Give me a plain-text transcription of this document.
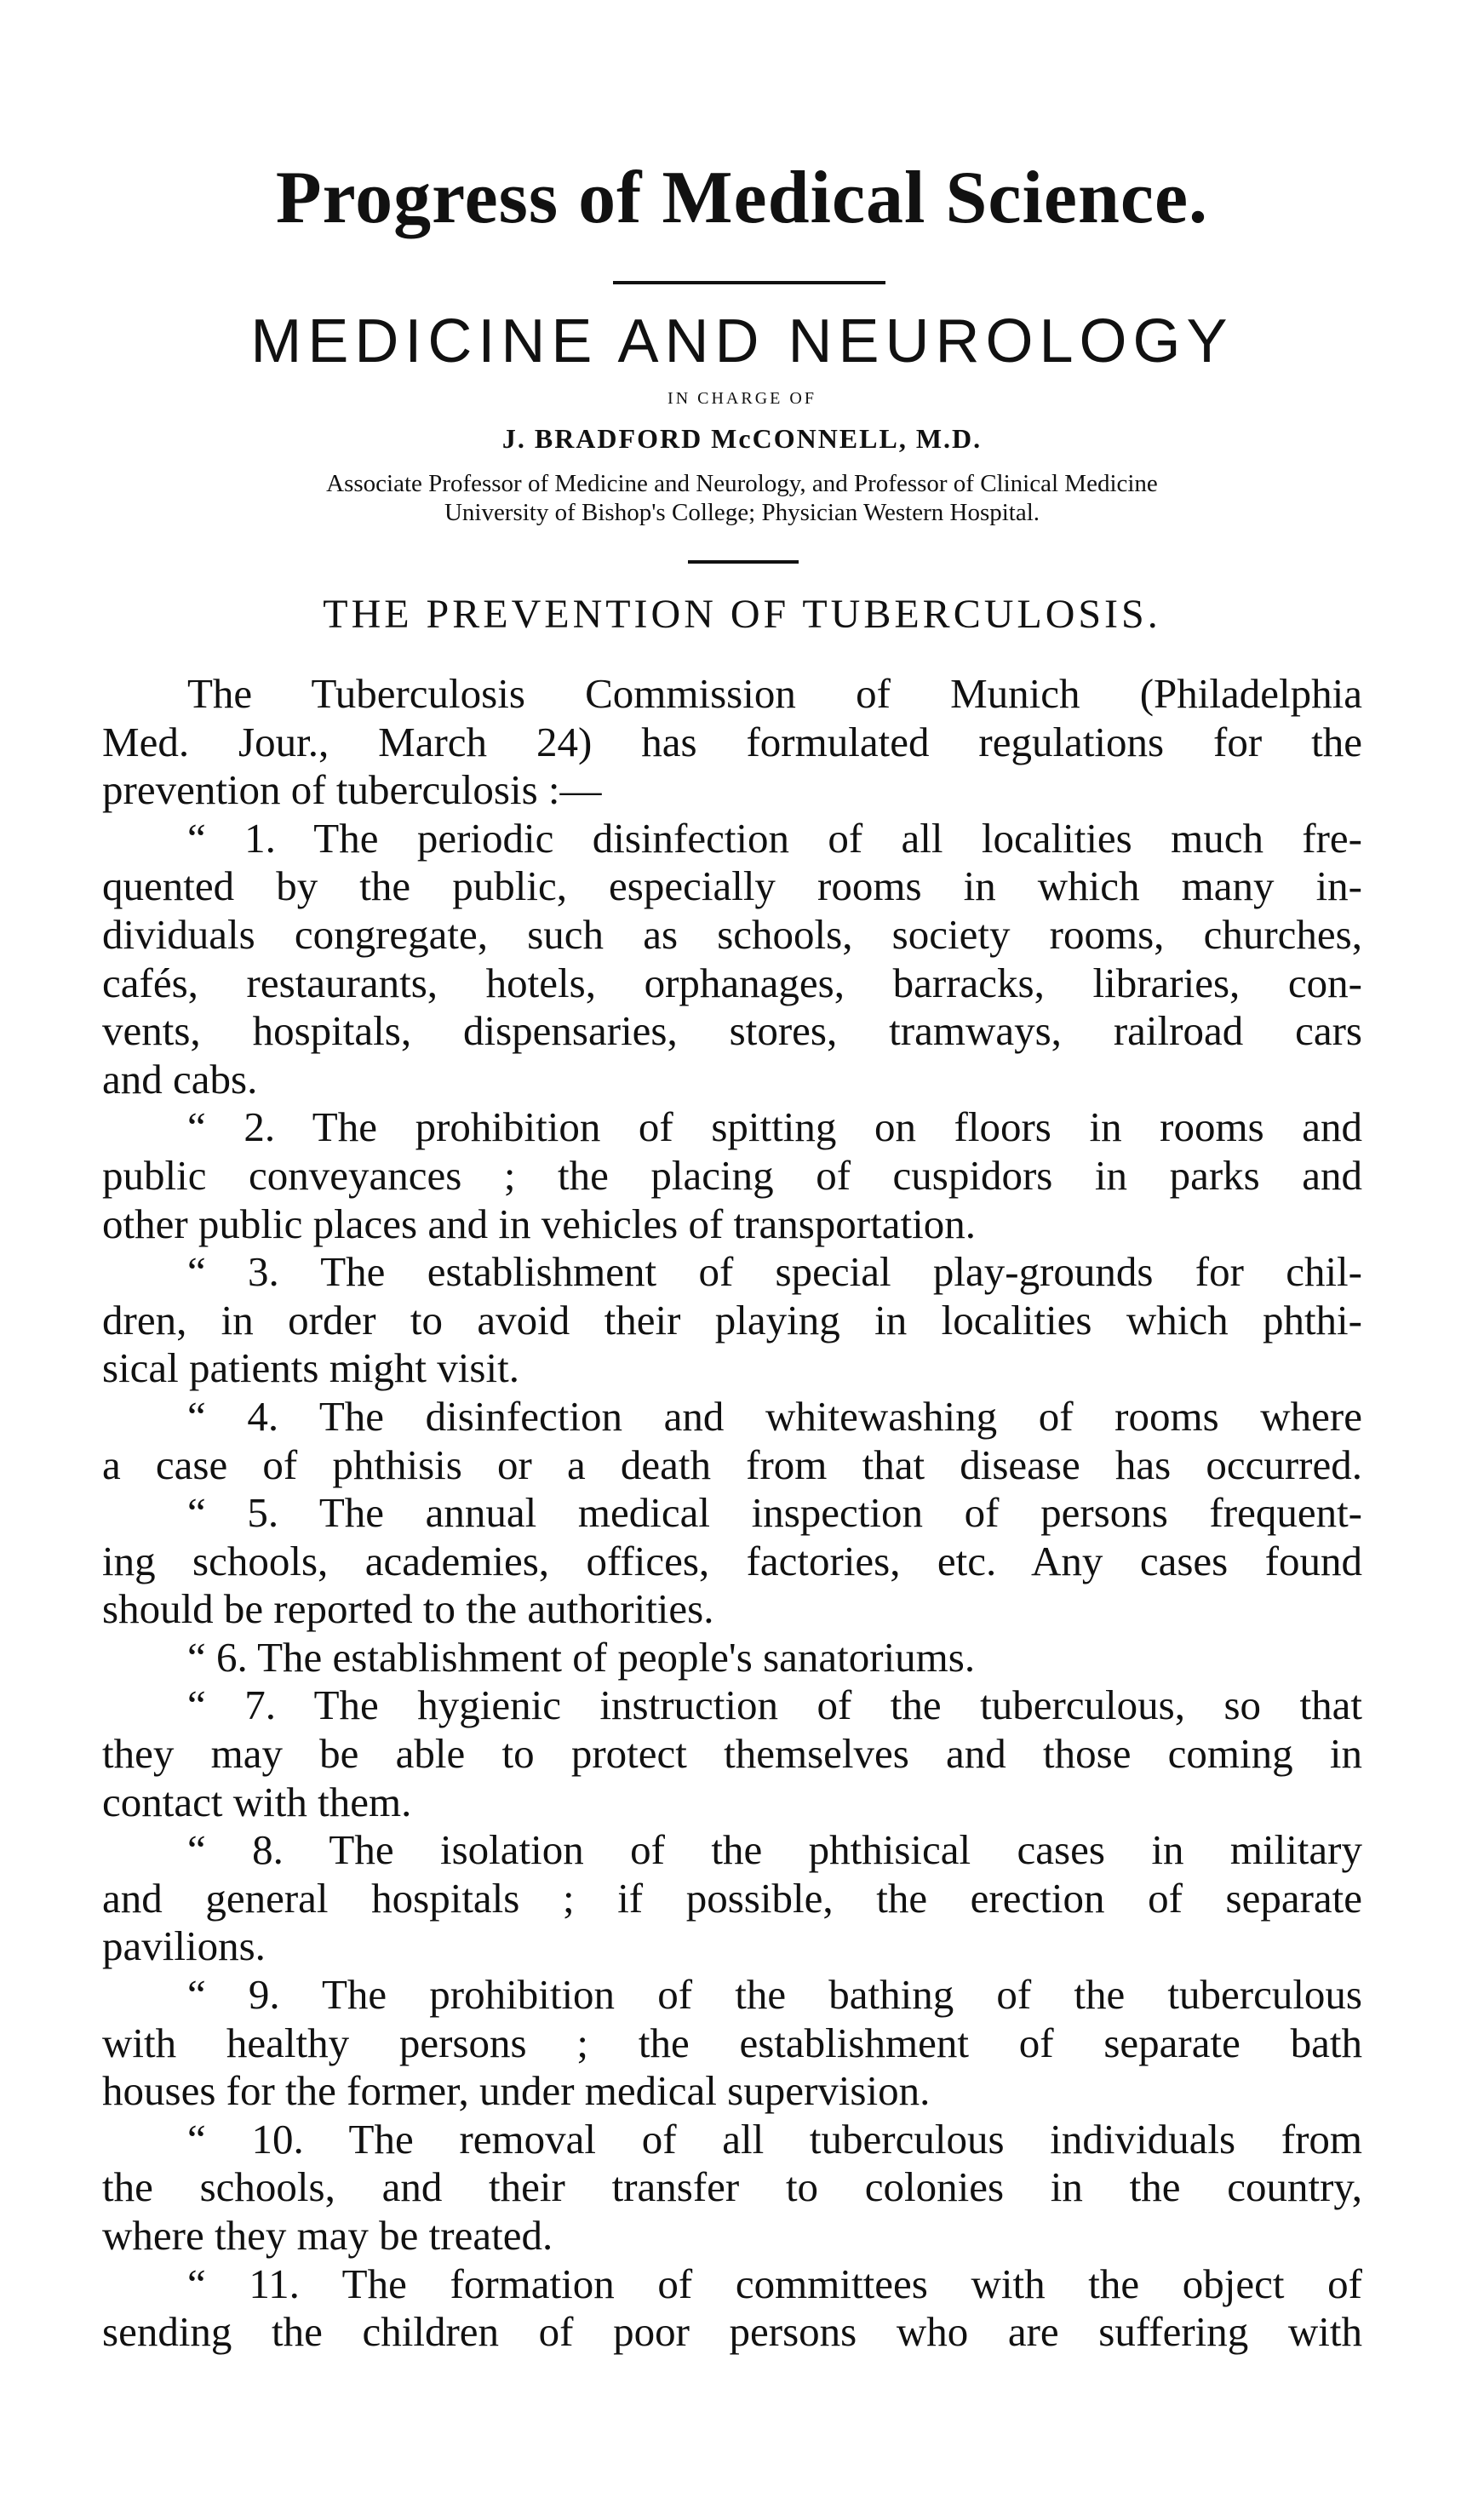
Progress of Medical Science.
MEDICINE AND NEUROLOGY
IN CHARGE OF
J. BRADFORD McCONNELL, M.D.
Associate Professor of Medicine and Neurology, and Professor of Clinical Medicine
University of Bishop's College; Physician Western Hospital.
THE PREVENTION OF TUBERCULOSIS.
The Tuberculosis Commission of Munich (Philadelphia
Med. Jour., March 24) has formulated regulations for the
prevention of tuberculosis :—
“ 1. The periodic disinfection of all localities much fre-
quented by the public, especially rooms in which many in-
dividuals congregate, such as schools, society rooms, churches,
cafés, restaurants, hotels, orphanages, barracks, libraries, con-
vents, hospitals, dispensaries, stores, tramways, railroad cars
and cabs.
“ 2. The prohibition of spitting on floors in rooms and
public conveyances ; the placing of cuspidors in parks and
other public places and in vehicles of transportation.
“ 3. The establishment of special play-grounds for chil-
dren, in order to avoid their playing in localities which phthi-
sical patients might visit.
“ 4. The disinfection and whitewashing of rooms where
a case of phthisis or a death from that disease has occurred.
“ 5. The annual medical inspection of persons frequent-
ing schools, academies, offices, factories, etc. Any cases found
should be reported to the authorities.
“ 6. The establishment of people's sanatoriums.
“ 7. The hygienic instruction of the tuberculous, so that
they may be able to protect themselves and those coming in
contact with them.
“ 8. The isolation of the phthisical cases in military
and general hospitals ; if possible, the erection of separate
pavilions.
“ 9. The prohibition of the bathing of the tuberculous
with healthy persons ; the establishment of separate bath
houses for the former, under medical supervision.
“ 10. The removal of all tuberculous individuals from
the schools, and their transfer to colonies in the country,
where they may be treated.
“ 11. The formation of committees with the object of
sending the children of poor persons who are suffering with
